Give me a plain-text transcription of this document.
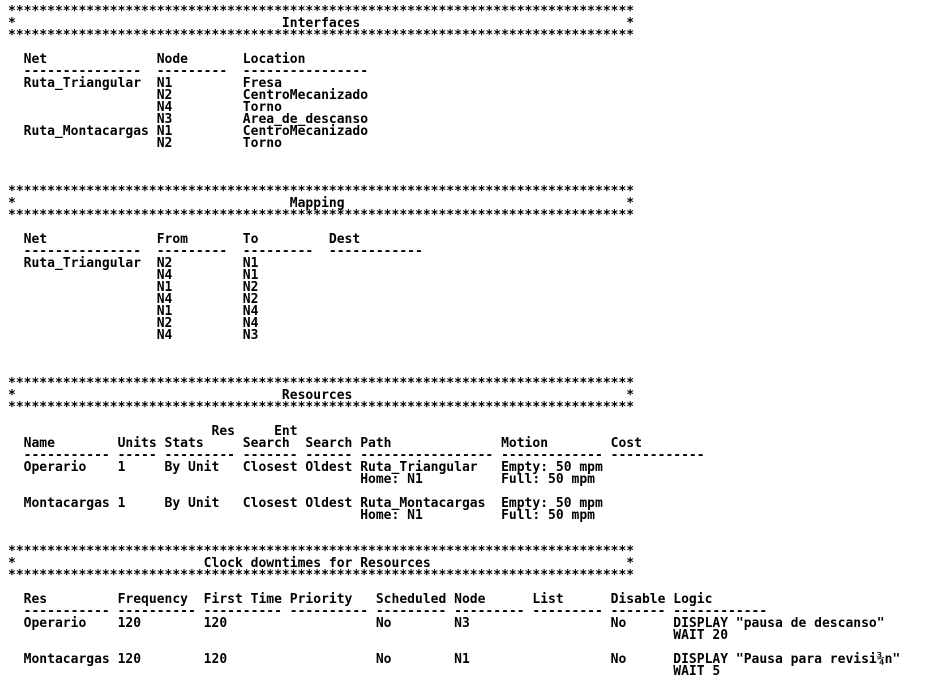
********************************************************************************
*                                  Interfaces                                  *
********************************************************************************
Net              Node       Location
---------------  ---------  ----------------
Ruta_Triangular  N1         Fresa
N2         CentroMecanizado
N4         Torno
N3         Area_de_descanso
Ruta_Montacargas N1         CentroMecanizado
N2         Torno
********************************************************************************
*                                   Mapping                                    *
********************************************************************************
Net              From       To         Dest
---------------  ---------  ---------  ------------
Ruta_Triangular  N2         N1
N4         N1
N1         N2
N4         N2
N1         N4
N2         N4
N4         N3
********************************************************************************
*                                  Resources                                   *
********************************************************************************
Res     Ent
Name        Units Stats     Search  Search Path              Motion        Cost
----------- ----- --------- ------- ------ ----------------- ------------- ------------
Operario    1     By Unit   Closest Oldest Ruta_Triangular   Empty: 50 mpm
Home: N1          Full: 50 mpm
Montacargas 1     By Unit   Closest Oldest Ruta_Montacargas  Empty: 50 mpm
Home: N1          Full: 50 mpm
********************************************************************************
*                        Clock downtimes for Resources                         *
********************************************************************************
Res         Frequency  First Time Priority   Scheduled Node      List      Disable Logic
----------- ---------- ---------- ---------- --------- --------- --------- ------- ------------
Operario    120        120                   No        N3                  No      DISPLAY "pausa de descanso"
WAIT 20
Montacargas 120        120                   No        N1                  No      DISPLAY "Pausa para revisi¾n"
WAIT 5
